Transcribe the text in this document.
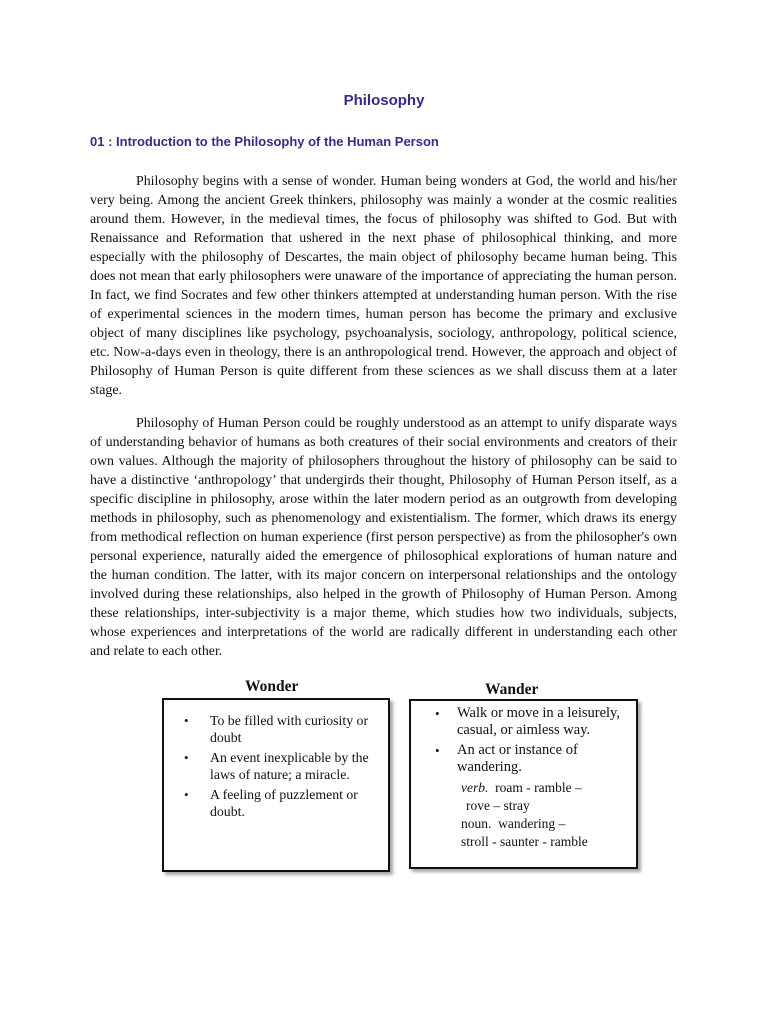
Philosophy
01 : Introduction to the Philosophy of the Human Person

Philosophy begins with a sense of wonder. Human being wonders at God, the world and his/her very being. Among the ancient Greek thinkers, philosophy was mainly a wonder at the cosmic realities around them. However, in the medieval times, the focus of philosophy was shifted to God. But with Renaissance and Reformation that ushered in the next phase of philosophical thinking, and more especially with the philosophy of Descartes, the main object of philosophy became human being. This does not mean that early philosophers were unaware of the importance of appreciating the human person. In fact, we find Socrates and few other thinkers attempted at understanding human person. With the rise of experimental sciences in the modern times, human person has become the primary and exclusive object of many disciplines like psychology, psychoanalysis, sociology, anthropology, political science, etc. Now-a-days even in theology, there is an anthropological trend. However, the approach and object of Philosophy of Human Person is quite different from these sciences as we shall discuss them at a later stage.

Philosophy of Human Person could be roughly understood as an attempt to unify disparate ways of understanding behavior of humans as both creatures of their social environments and creators of their own values. Although the majority of philosophers throughout the history of philosophy can be said to have a distinctive ‘anthropology’ that undergirds their thought, Philosophy of Human Person itself, as a specific discipline in philosophy, arose within the later modern period as an outgrowth from developing methods in philosophy, such as phenomenology and existentialism. The former, which draws its energy from methodical reflection on human experience (first person perspective) as from the philosopher's own personal experience, naturally aided the emergence of philosophical explorations of human nature and the human condition. The latter, with its major concern on interpersonal relationships and the ontology involved during these relationships, also helped in the growth of Philosophy of Human Person. Among these relationships, inter-subjectivity is a major theme, which studies how two individuals, subjects, whose experiences and interpretations of the world are radically different in understanding each other and relate to each other.

Wonder
• To be filled with curiosity or doubt
• An event inexplicable by the laws of nature; a miracle.
• A feeling of puzzlement or doubt.
Wander
• Walk or move in a leisurely, casual, or aimless way.
• An act or instance of wandering.
verb. roam - ramble –
rove – stray
noun. wandering –
stroll - saunter - ramble
